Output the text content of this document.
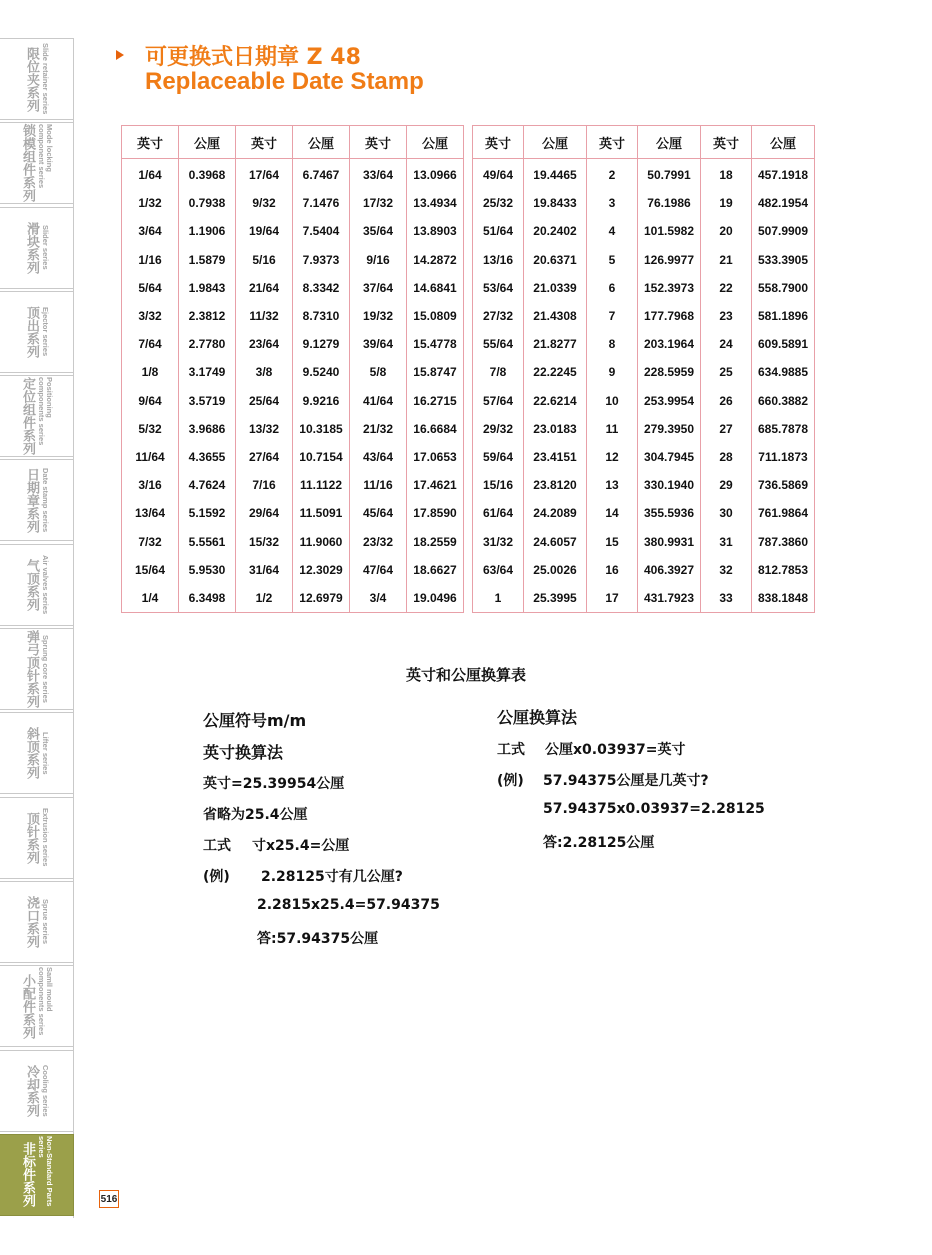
限位夹系列 Slide retainer series
锁模组件系列	Mode locking component series
滑块系列 Slider series
顶出系列 Ejector series
定位组件系列	Positioning components series
日期章系列 Date stamp series
气顶系列 Air valves series
弹弓顶针系列 Sprung core series
斜顶系列 Lifter series
顶针系列 Extrusion series
浇口系列 Sprue series
小配件系列	Samll mould components series
冷却系列 Cooling series
非标件系列	Non-Standard Parts series
可更换式日期章 Z 48
Replaceable Date Stamp
英寸	公厘	英寸	公厘	英寸	公厘
1/64	0.3968	17/64	6.7467	33/64	13.0966
1/32	0.7938	9/32	7.1476	17/32	13.4934
3/64	1.1906	19/64	7.5404	35/64	13.8903
1/16	1.5879	5/16	7.9373	9/16	14.2872
5/64	1.9843	21/64	8.3342	37/64	14.6841
3/32	2.3812	11/32	8.7310	19/32	15.0809
7/64	2.7780	23/64	9.1279	39/64	15.4778
1/8	3.1749	3/8	9.5240	5/8	15.8747
9/64	3.5719	25/64	9.9216	41/64	16.2715
5/32	3.9686	13/32	10.3185	21/32	16.6684
11/64	4.3655	27/64	10.7154	43/64	17.0653
3/16	4.7624	7/16	11.1122	11/16	17.4621
13/64	5.1592	29/64	11.5091	45/64	17.8590
7/32	5.5561	15/32	11.9060	23/32	18.2559
15/64	5.9530	31/64	12.3029	47/64	18.6627
1/4	6.3498	1/2	12.6979	3/4	19.0496
英寸	公厘	英寸	公厘	英寸	公厘
49/64	19.4465	2	50.7991	18	457.1918
25/32	19.8433	3	76.1986	19	482.1954
51/64	20.2402	4	101.5982	20	507.9909
13/16	20.6371	5	126.9977	21	533.3905
53/64	21.0339	6	152.3973	22	558.7900
27/32	21.4308	7	177.7968	23	581.1896
55/64	21.8277	8	203.1964	24	609.5891
7/8	22.2245	9	228.5959	25	634.9885
57/64	22.6214	10	253.9954	26	660.3882
29/32	23.0183	11	279.3950	27	685.7878
59/64	23.4151	12	304.7945	28	711.1873
15/16	23.8120	13	330.1940	29	736.5869
61/64	24.2089	14	355.5936	30	761.9864
31/32	24.6057	15	380.9931	31	787.3860
63/64	25.0026	16	406.3927	32	812.7853
1	25.3995	17	431.7923	33	838.1848
英寸和公厘换算表
公厘符号m/m
英寸换算法
英寸=25.39954公厘
省略为25.4公厘
工式 寸x25.4=公厘
(例) 2.28125寸有几公厘?
2.2815x25.4=57.94375
答:57.94375公厘
公厘换算法
工式 公厘x0.03937=英寸
(例) 57.94375公厘是几英寸?
57.94375x0.03937=2.28125
答:2.28125公厘
516
